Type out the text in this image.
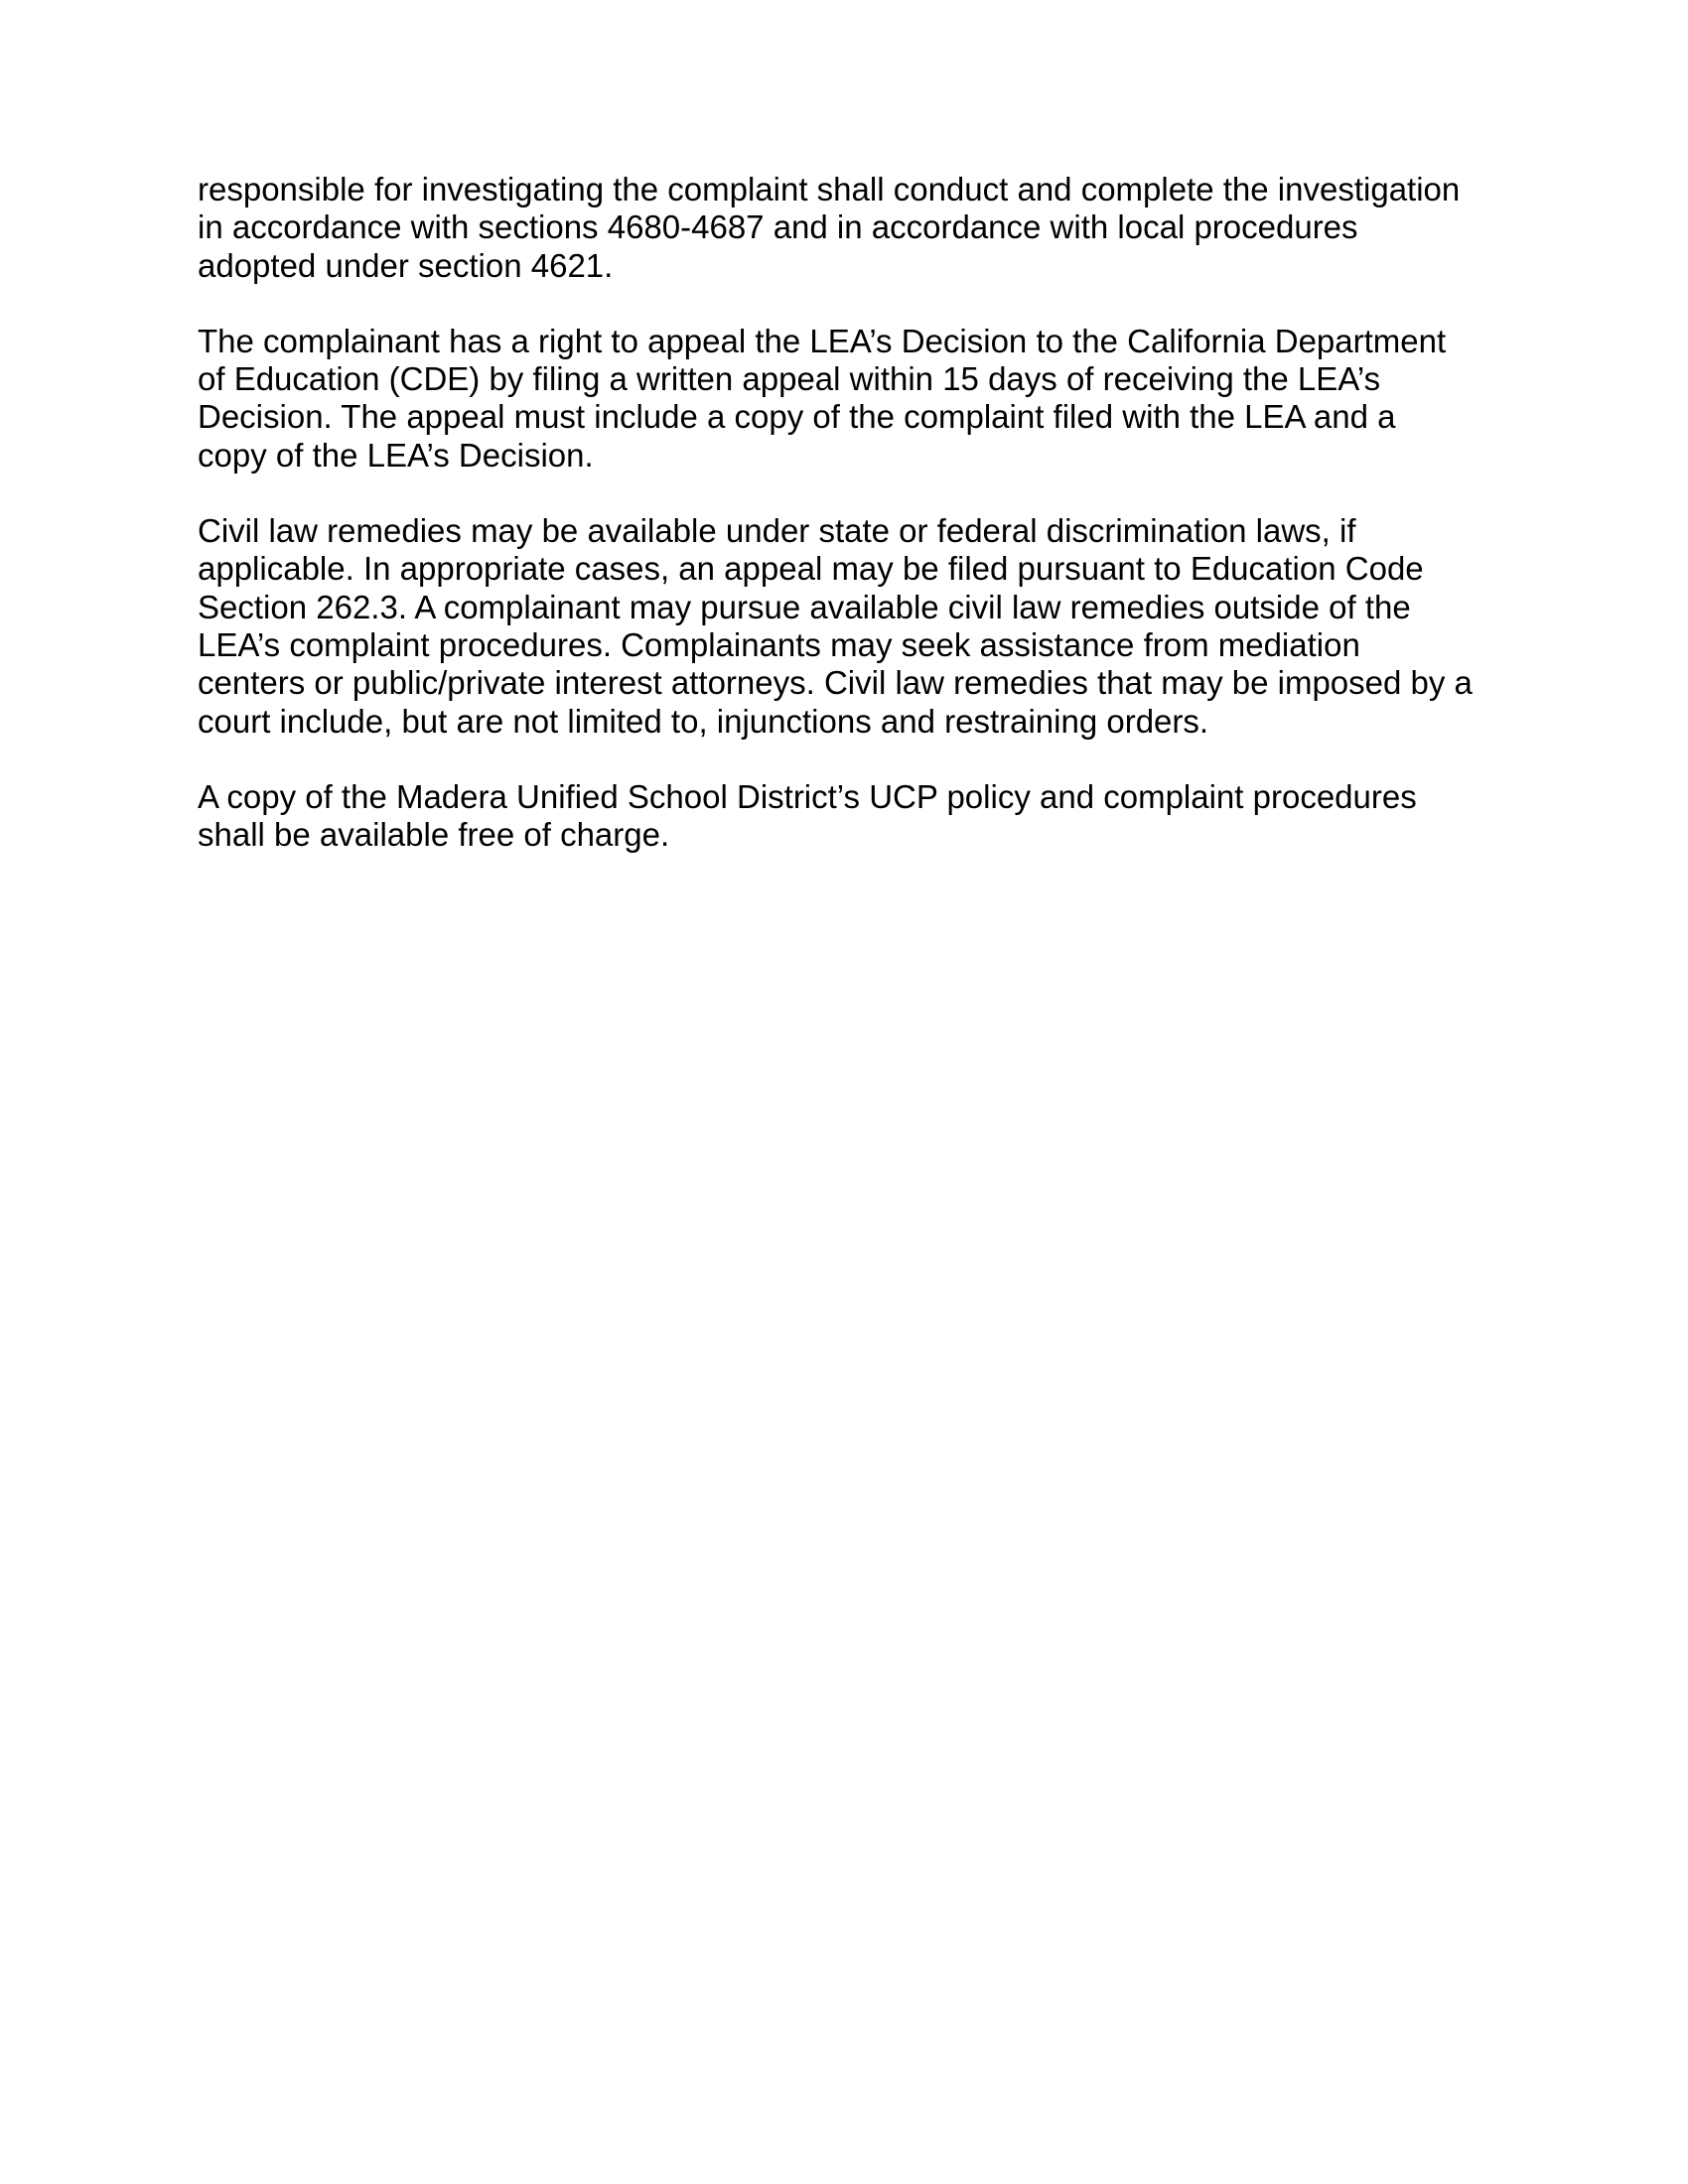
responsible for investigating the complaint shall conduct and complete the investigation
in accordance with sections 4680-4687 and in accordance with local procedures
adopted under section 4621.

The complainant has a right to appeal the LEA’s Decision to the California Department
of Education (CDE) by filing a written appeal within 15 days of receiving the LEA’s
Decision. The appeal must include a copy of the complaint filed with the LEA and a
copy of the LEA’s Decision.

Civil law remedies may be available under state or federal discrimination laws, if
applicable. In appropriate cases, an appeal may be filed pursuant to Education Code
Section 262.3. A complainant may pursue available civil law remedies outside of the
LEA’s complaint procedures. Complainants may seek assistance from mediation
centers or public/private interest attorneys. Civil law remedies that may be imposed by a
court include, but are not limited to, injunctions and restraining orders.

A copy of the Madera Unified School District’s UCP policy and complaint procedures
shall be available free of charge.
